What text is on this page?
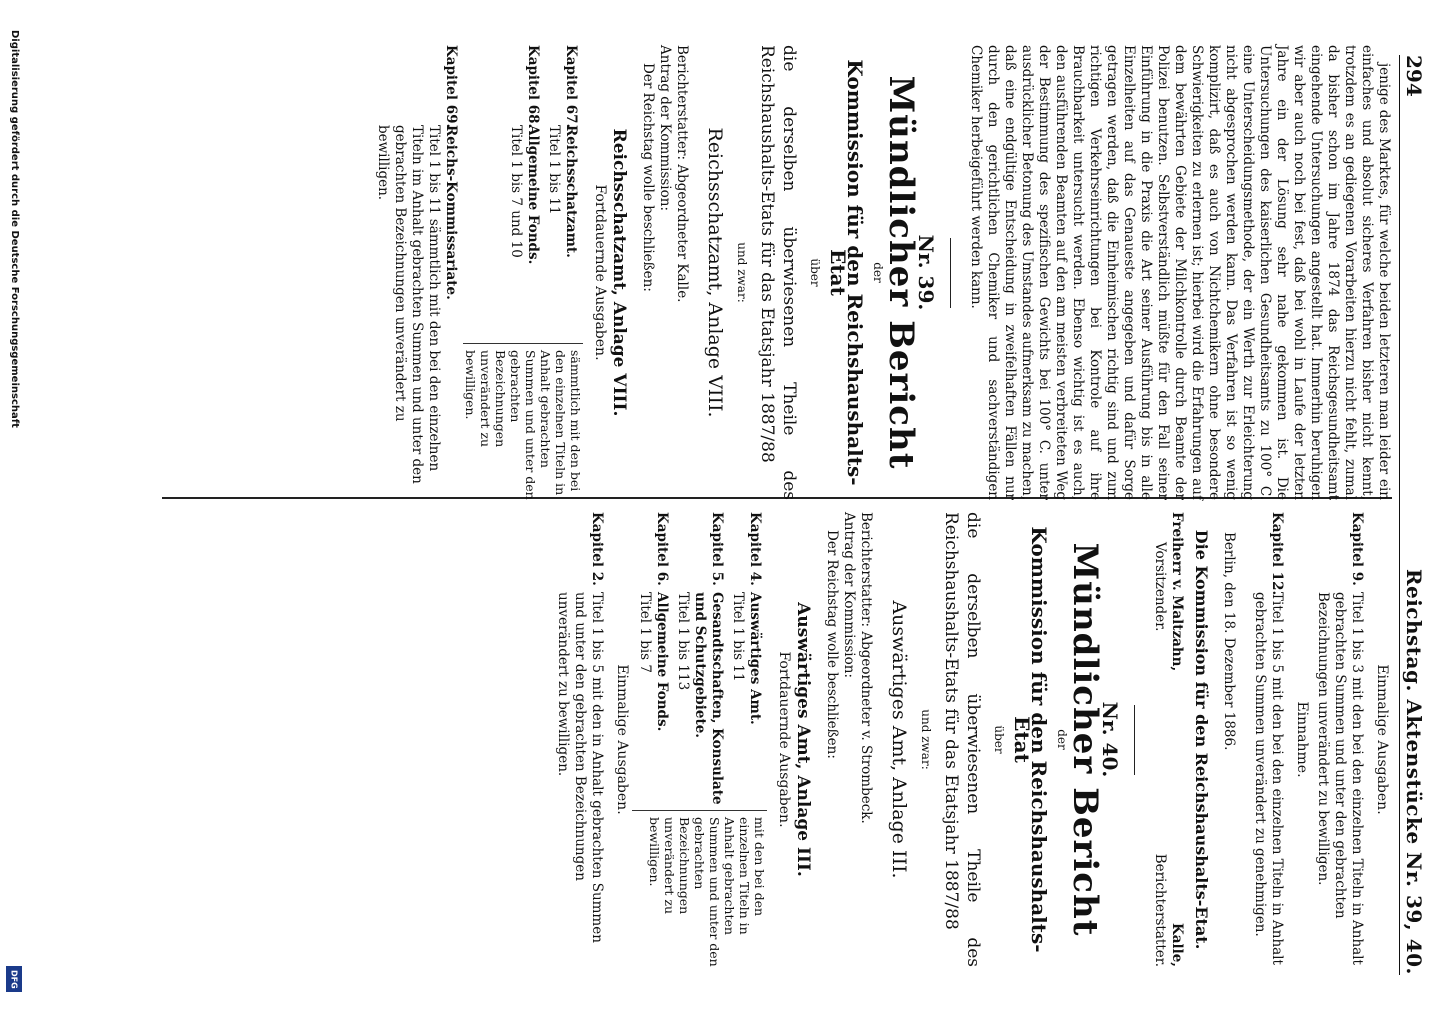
Digitalisierung gefördert durch die Deutsche Forschungsgemeinschaft
DFG
294
Reichstag. Aktenstücke Nr. 39, 40.

jenige des Marktes, für welche beiden letzteren man leider ein einfaches und absolut sicheres Verfahren bisher nicht kennt, trotzdem es an gediegenen Vorarbeiten hierzu nicht fehlt, zumal da bisher schon im Jahre 1874 das Reichsgesundheitsamt eingehende Untersuchungen angestellt hat. Immerhin beruhigen wir aber auch noch bei fest, daß bei wohl in Laufe der letzten Jahre ein der Lösung sehr nahe gekommen ist. Die Untersuchungen des kaiserlichen Gesundheitsamts zu 100° C. eine Unterscheidungsmethode, der ein Werth zur Erleichterung nicht abgesprochen werden kann. Das Verfahren ist so wenig komplizirt, daß es auch von Nichtchemikern ohne besondere Schwierigkeiten zu erlernen ist; hierbei wird die Erfahrungen auf dem bewährten Gebiete der Milchkontrolle durch Beamte der Polizei benutzen. Selbstverständlich müßte für den Fall seiner Einführung in die Praxis die Art seiner Ausführung bis in alle Einzelheiten auf das Genaueste angegeben und dafür Sorge getragen werden, daß die Einheimischen richtig sind und zum richtigen Verkehrseinrichtungen bei Kontrole auf ihre Brauchbarkeit untersucht werden. Ebenso wichtig ist es auch, den ausführenden Beamten auf den am meisten verbreiteten Weg der Bestimmung des spezifischen Gewichts bei 100° C. unter ausdrücklicher Betonung des Umstandes aufmerksam zu machen, daß eine endgültige Entscheidung in zweifelhaften Fällen nur durch den gerichtlichen Chemiker und sachverständigen Chemiker herbeigeführt werden kann.

Nr. 39.
Mündlicher Bericht
der
Kommission für den Reichshaushalts-Etat
über
die derselben überwiesenen Theile des Reichshaushalts-Etats für das Etatsjahr 1887/88
und zwar:
Reichsschatzamt, Anlage VIII.

Berichterstatter: Abgeordneter Kalle.

Antrag der Kommission:

Der Reichstag wolle beschließen:

Reichsschatzamt, Anlage VIII.
Fortdauernde Ausgaben.
Kapitel 67.
Reichsschatzamt.
Titel 1 bis 11
Kapitel 68.
Allgemeine Fonds.
Titel 1 bis 7 und 10
sämmtlich mit den bei den einzelnen Titeln in Anhalt gebrachten Summen und unter den gebrachten Bezeichnungen unverändert zu bewilligen.
Kapitel 69.
Reichs-Kommissariate.
Titel 1 bis 11 sämmtlich mit den bei den einzelnen Titeln im Anhalt gebrachten Summen und unter den gebrachten Bezeichnungen unverändert zu bewilligen.
Einmalige Ausgaben.
Kapitel 9.
Titel 1 bis 3 mit den bei den einzelnen Titeln in Anhalt gebrachten Summen und unter den gebrachten Bezeichnungen unverändert zu bewilligen.
Einnahme.
Kapitel 12.
Titel 1 bis 5 mit den bei den einzelnen Titeln in Anhalt gebrachten Summen unverändert zu genehmigen.

Berlin, den 18. Dezember 1886.

Die Kommission für den Reichshaushalts-Etat.
Freiherr v. Maltzahn,
Vorsitzender.
Kalle,
Berichterstatter.
Nr. 40.
Mündlicher Bericht
der
Kommission für den Reichshaushalts-Etat
über
die derselben überwiesenen Theile des Reichshaushalts-Etats für das Etatsjahr 1887/88
und zwar:
Auswärtiges Amt, Anlage III.

Berichterstatter: Abgeordneter v. Strombeck.

Antrag der Kommission:

Der Reichstag wolle beschließen:

Auswärtiges Amt, Anlage III.
Fortdauernde Ausgaben.
Kapitel 4.
Auswärtiges Amt.
Titel 1 bis 11
Kapitel 5.
Gesandtschaften, Konsulate und Schutzgebiete.
Titel 1 bis 113
Kapitel 6.
Allgemeine Fonds.
Titel 1 bis 7
mit den bei den einzelnen Titeln in Anhalt gebrachten Summen und unter den gebrachten Bezeichnungen unverändert zu bewilligen.
Einmalige Ausgaben.
Kapitel 2.
Titel 1 bis 5 mit den in Anhalt gebrachten Summen und unter den gebrachten Bezeichnungen unverändert zu bewilligen.
